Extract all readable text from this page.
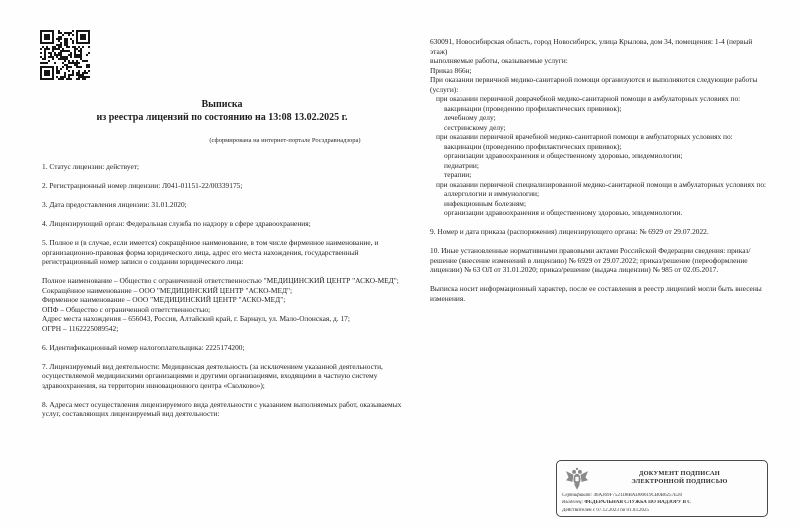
Выписка
из реестра лицензий по состоянию на 13:08 13.02.2025 г.
(сформирована на интернет-портале Росздравнадзора)

1. Статус лицензии: действует;

2. Регистрационный номер лицензии: Л041-01151-22/00339175;

3. Дата предоставления лицензии: 31.01.2020;

4. Лицензирующий орган: Федеральная служба по надзору в сфере здравоохранения;

5. Полное и (в случае, если имеется) сокращённое наименование, в том числе фирменное наименование, и организационно-правовая форма юридического лица, адрес его места нахождения, государственный регистрационный номер записи о создании юридического лица:

Полное наименование – Общество с ограниченной ответственностью "МЕДИЦИНСКИЙ ЦЕНТР "АСКО-МЕД";
Сокращённое наименование – ООО "МЕДИЦИНСКИЙ ЦЕНТР "АСКО-МЕД";
Фирменное наименование – ООО "МЕДИЦИНСКИЙ ЦЕНТР "АСКО-МЕД";
ОПФ – Общество с ограниченной ответственностью;
Адрес места нахождения – 656043, Россия, Алтайский край, г. Барнаул, ул. Мало-Олонская, д. 17;
ОГРН – 1162225089542;

6. Идентификационный номер налогоплательщика: 2225174200;

7. Лицензируемый вид деятельности: Медицинская деятельность (за исключением указанной деятельности, осуществляемой медицинскими организациями и другими организациями, входящими в частную систему здравоохранения, на территории инновационного центра «Сколково»);

8. Адреса мест осуществления лицензируемого вида деятельности с указанием выполняемых работ, оказываемых услуг, составляющих лицензируемый вид деятельности:

630091, Новосибирская область, город Новосибирск, улица Крылова, дом 34, помещения: 1-4 (первый этаж)

выполняемые работы, оказываемые услуги:
Приказ 866н;
При оказании первичной медико-санитарной помощи организуются и выполняются следующие работы (услуги):
при оказании первичной доврачебной медико-санитарной помощи в амбулаторных условиях по:
вакцинации (проведению профилактических прививок);
лечебному делу;
сестринскому делу;
при оказании первичной врачебной медико-санитарной помощи в амбулаторных условиях по:
вакцинации (проведению профилактических прививок);
организации здравоохранения и общественному здоровью, эпидемиологии;
педиатрии;
терапии;
при оказании первичной специализированной медико-санитарной помощи в амбулаторных условиях по:
аллергологии и иммунологии;
инфекционным болезням;
организации здравоохранения и общественному здоровью, эпидемиологии.

9. Номер и дата приказа (распоряжения) лицензирующего органа: № 6929 от 29.07.2022.

10. Иные установленные нормативными правовыми актами Российской Федерации сведения: приказ/решение (внесение изменений в лицензию) № 6929 от 29.07.2022; приказ/решение (переоформление лицензии) № 63 ОЛ от 31.01.2020; приказ/решение (выдача лицензии) № 985 от 02.05.2017.

Выписка носит информационный характер, после ее составления в реестр лицензий могли быть внесены изменения.

ДОКУМЕНТ ПОДПИСАН
ЭЛЕКТРОННОЙ ПОДПИСЬЮ
Сертификат: 46A369F7521D8BAD00619CB0B6257E20
Владелец: ФЕДЕРАЛЬНАЯ СЛУЖБА ПО НАДЗОРУ В С
Действителен с 07.12.2023 по 01.03.2025
